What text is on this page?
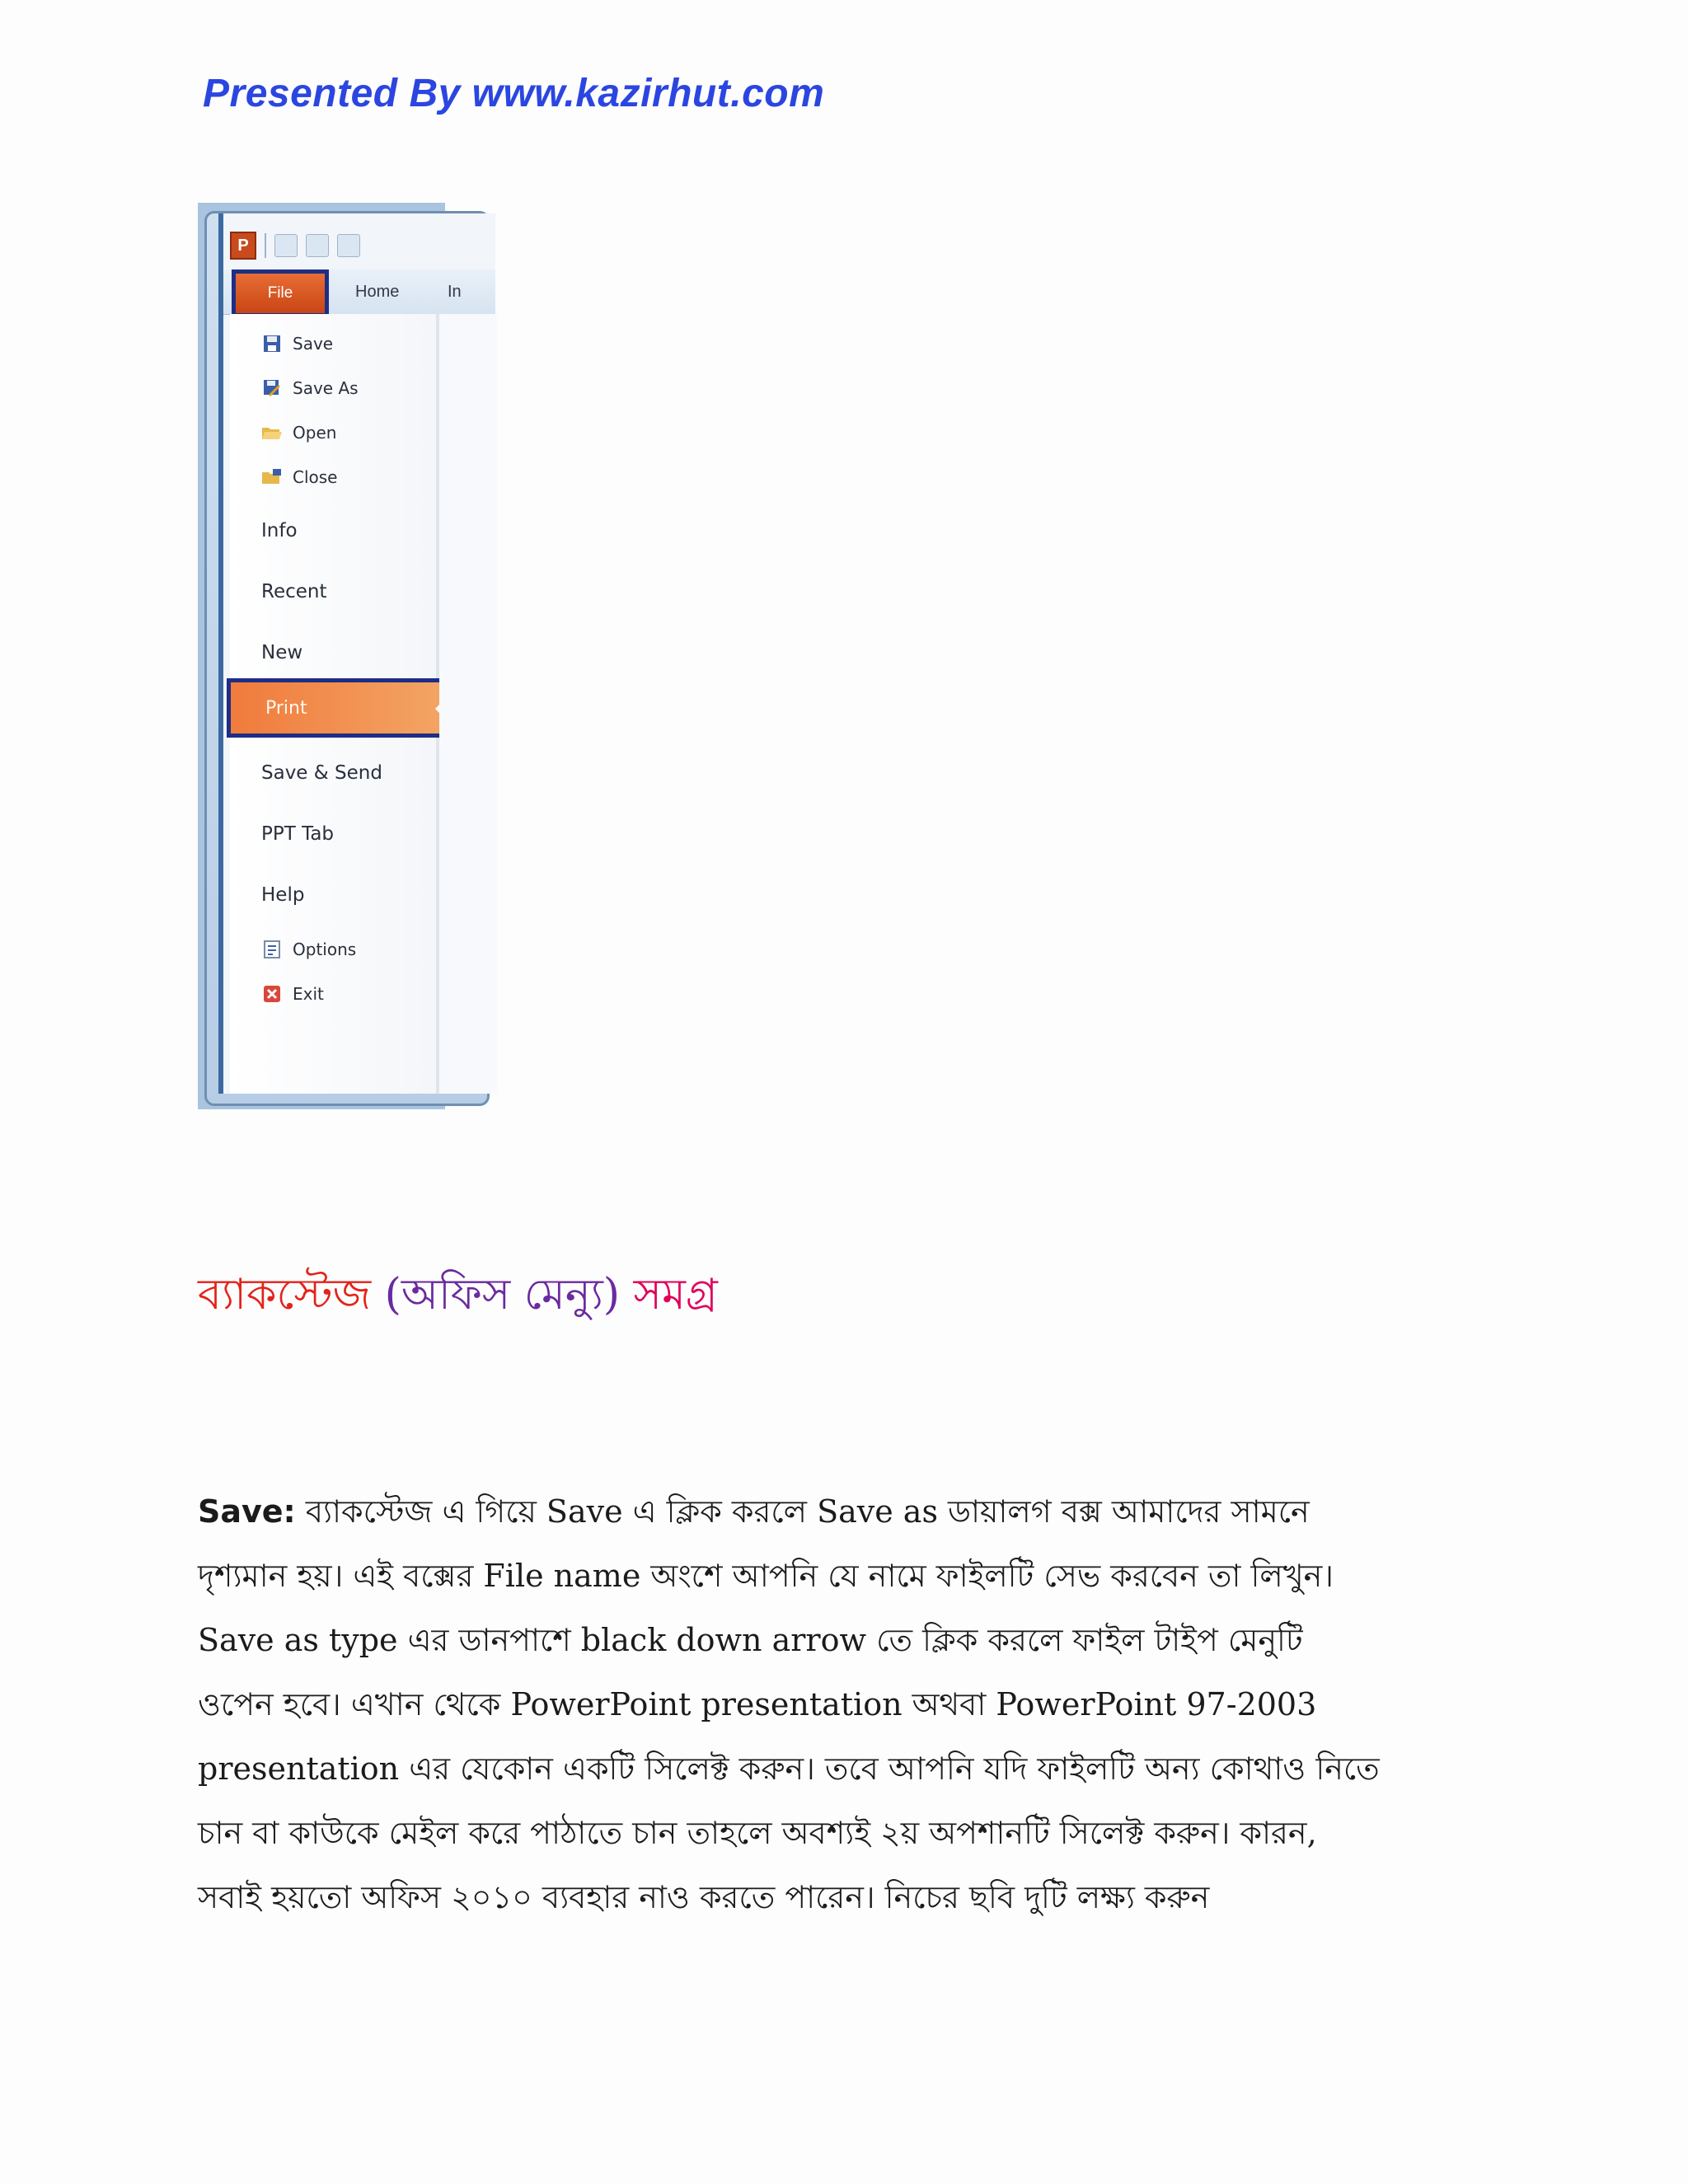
Presented By www.kazirhut.com
P
File	Home	In
Save
Save As
Open
Close
Info
Recent
New
Print
Save & Send
PPT Tab
Help
Options
Exit
ব্যাকস্টেজ (অফিস মেন্যু) সমগ্র
Save: ব্যাকস্টেজ এ গিয়ে Save এ ক্লিক করলে Save as ডায়ালগ বক্স আমাদের সামনে
দৃশ্যমান হয়। এই বক্সের File name অংশে আপনি যে নামে ফাইলটি সেভ করবেন তা লিখুন।
Save as type এর ডানপাশে black down arrow তে ক্লিক করলে ফাইল টাইপ মেনুটি
ওপেন হবে। এখান থেকে PowerPoint presentation অথবা PowerPoint 97-2003
presentation এর যেকোন একটি সিলেক্ট করুন। তবে আপনি যদি ফাইলটি অন্য কোথাও নিতে
চান বা কাউকে মেইল করে পাঠাতে চান তাহলে অবশ্যই ২য় অপশানটি সিলেক্ট করুন। কারন,
সবাই হয়তো অফিস ২০১০ ব্যবহার নাও করতে পারেন। নিচের ছবি দুটি লক্ষ্য করুন
